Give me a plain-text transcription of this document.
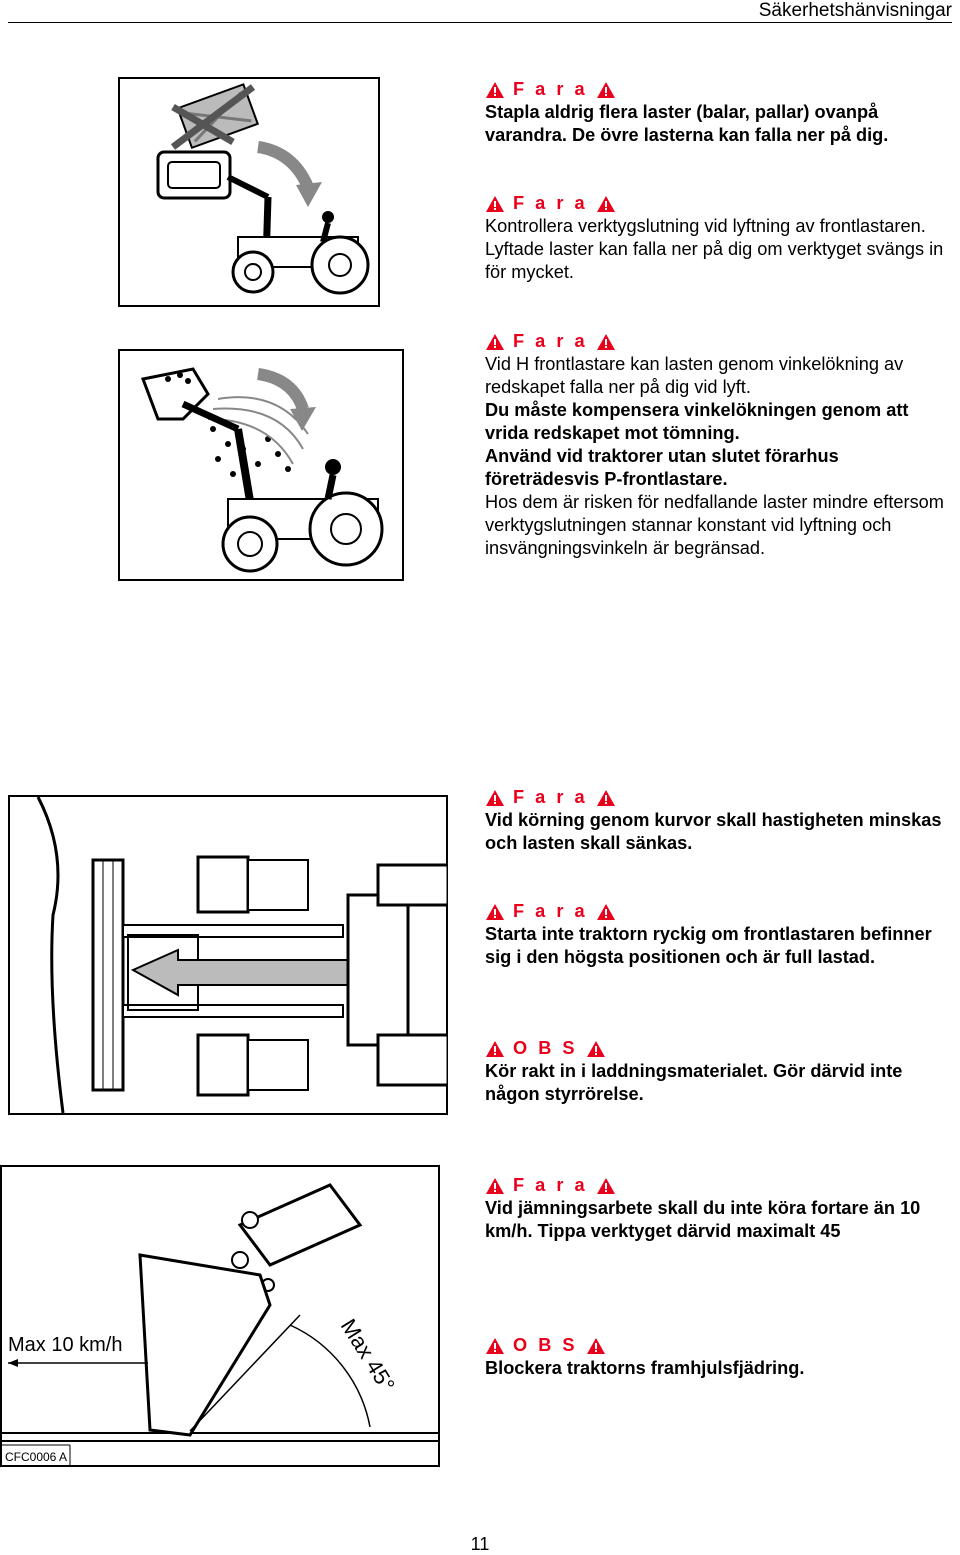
Säkerhetshänvisningar
Max 10 km/h	Max 45°
CFC0006 A
F a r a

Stapla aldrig flera laster (balar, pallar) ovanpå varandra. De övre lasterna kan falla ner på dig.

F a r a

Kontrollera verktygslutning vid lyftning av frontlastaren.

Lyftade laster kan falla ner på dig om verktyget svängs in för mycket.

F a r a

Vid H frontlastare kan lasten genom vinkelökning av redskapet falla ner på dig vid lyft.

Du måste kompensera vinkelökningen genom att vrida redskapet mot tömning.

Använd vid traktorer utan slutet förarhus företrädesvis P-frontlastare.

Hos dem är risken för nedfallande laster mindre eftersom verktygslutningen stannar konstant vid lyftning och insvängningsvinkeln är begränsad.

F a r a

Vid körning genom kurvor skall hastigheten minskas och lasten skall sänkas.

F a r a

Starta inte traktorn ryckig om frontlastaren befinner sig i den högsta positionen och är full lastad.

O B S

Kör rakt in i laddningsmaterialet. Gör därvid inte någon styrrörelse.

F a r a

Vid jämningsarbete skall du inte köra fortare än 10 km/h. Tippa verktyget därvid maximalt 45

O B S

Blockera traktorns framhjulsfjädring.

11
